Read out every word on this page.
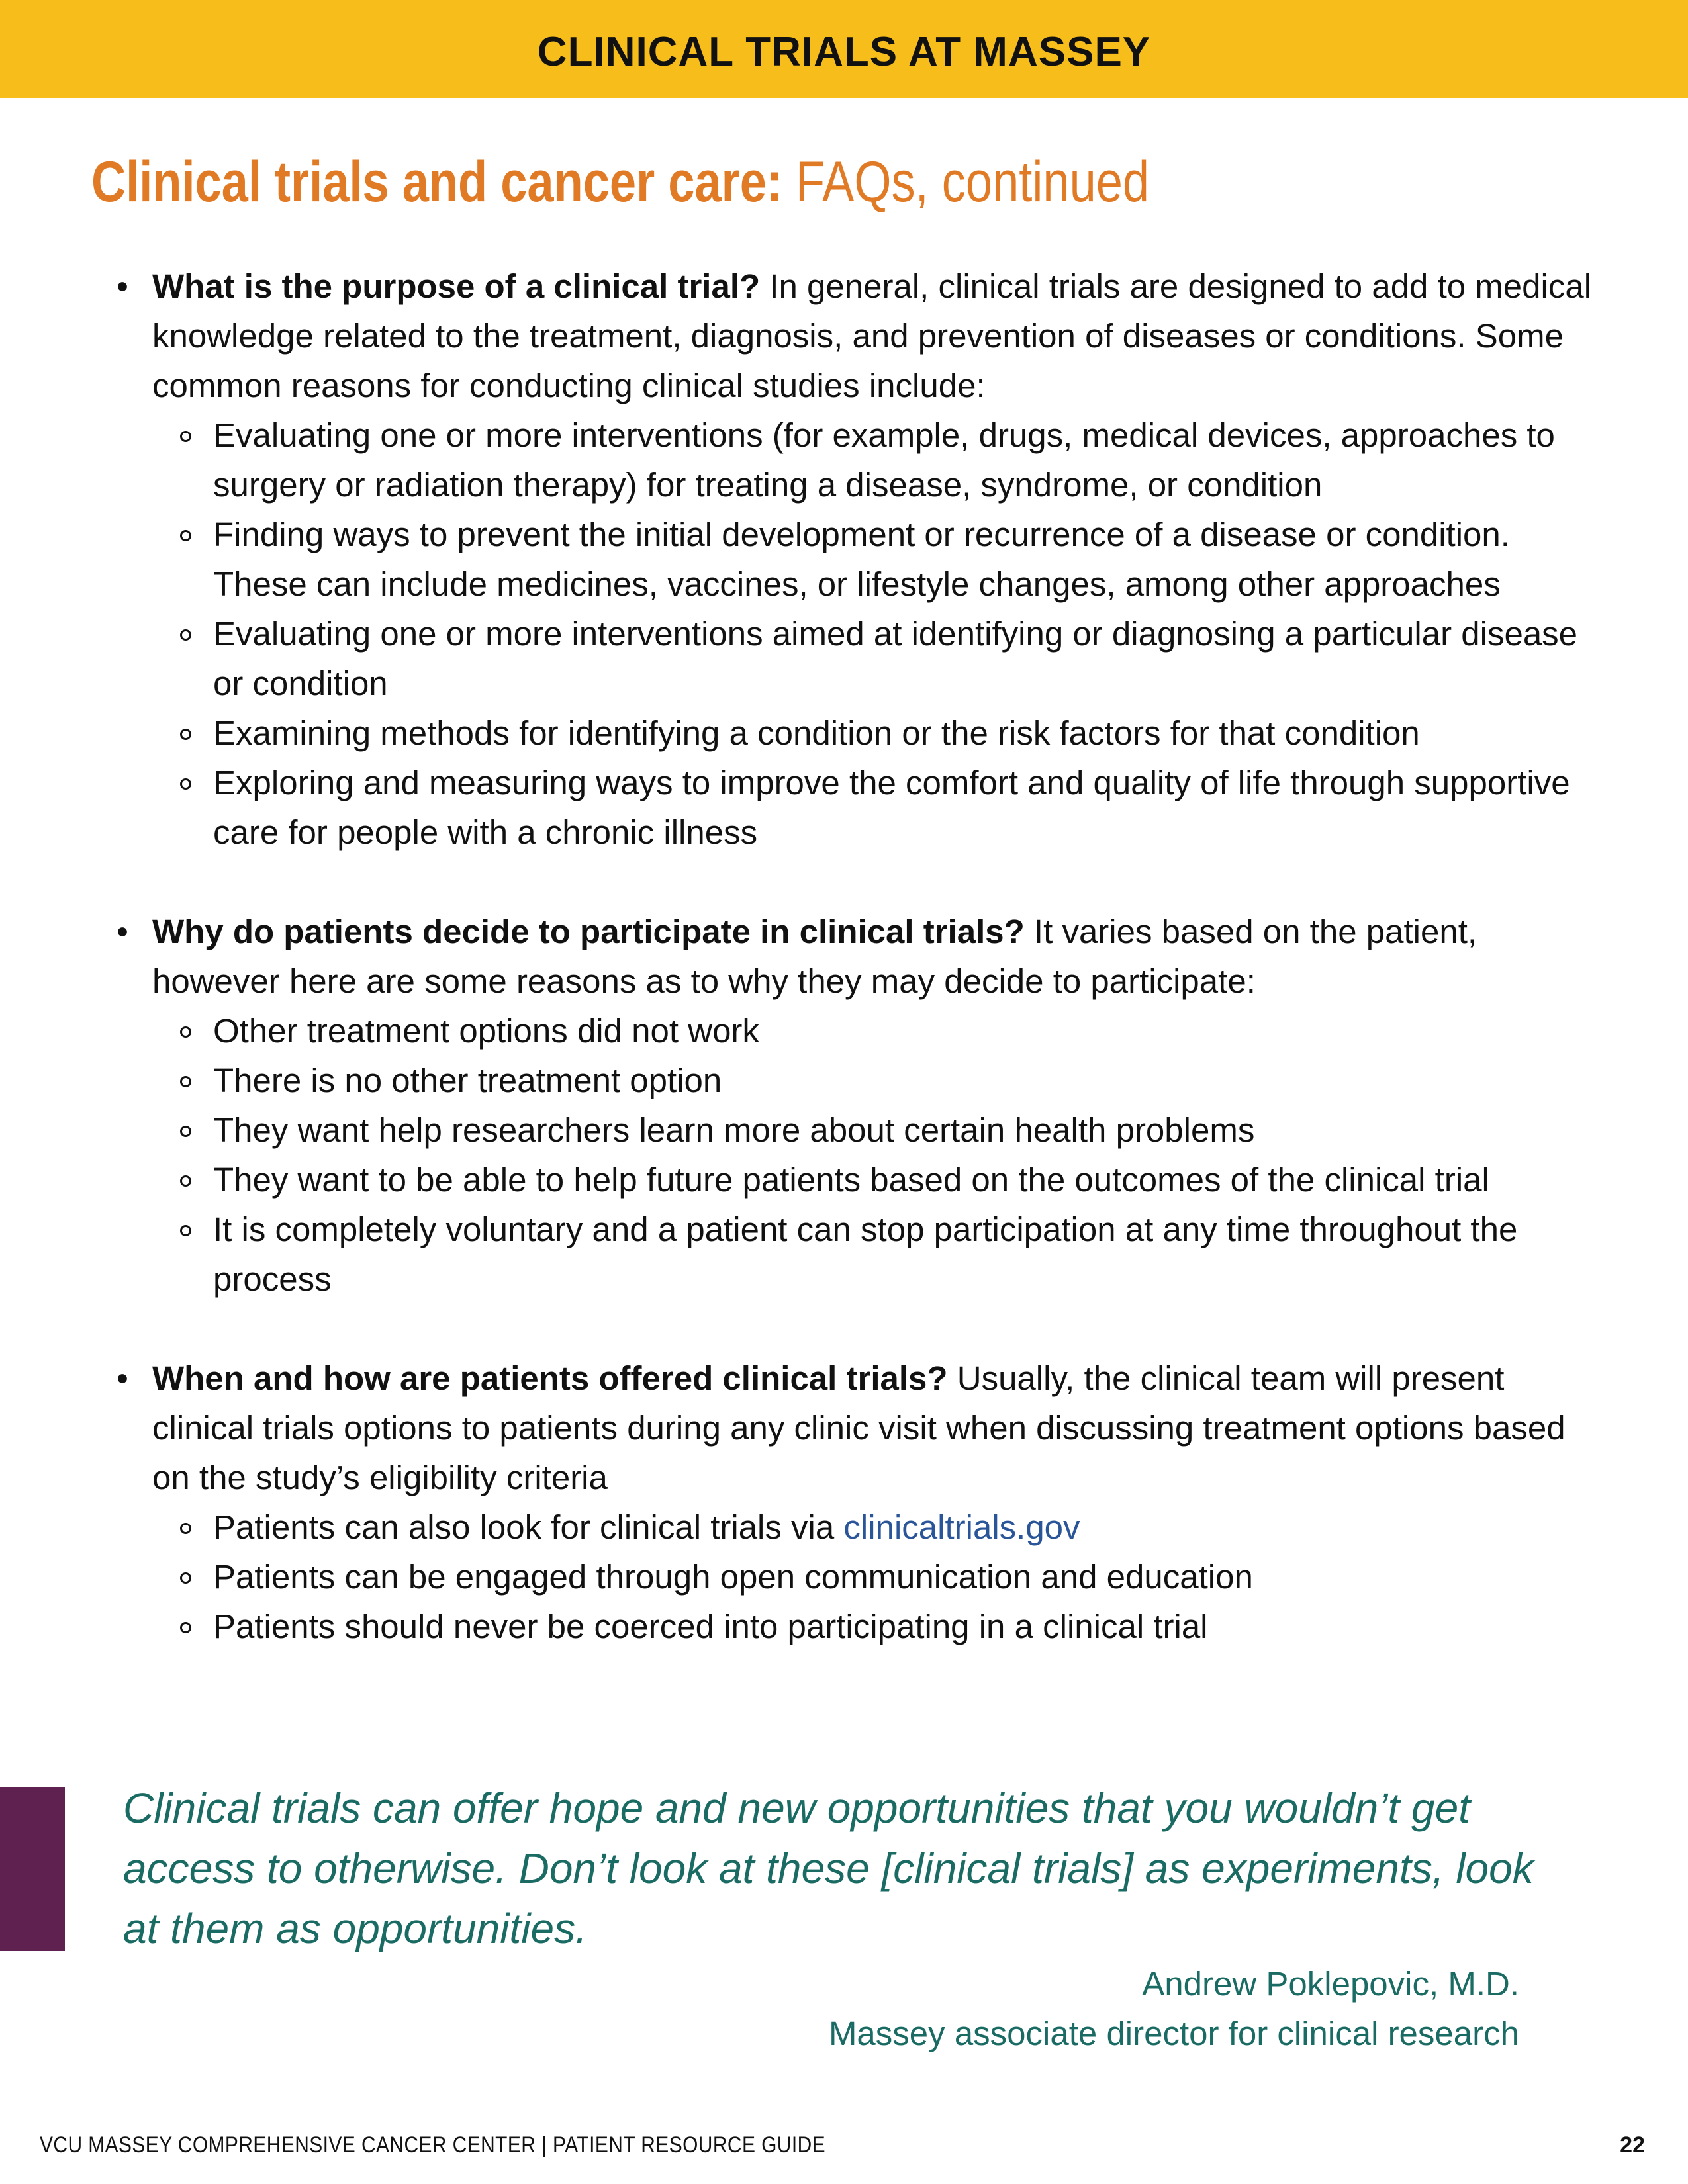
CLINICAL TRIALS AT MASSEY
Clinical trials and cancer care: FAQs, continued
• What is the purpose of a clinical trial? In general, clinical trials are designed to add to medical knowledge related to the treatment, diagnosis, and prevention of diseases or conditions. Some common reasons for conducting clinical studies include:
Evaluating one or more interventions (for example, drugs, medical devices, approaches to surgery or radiation therapy) for treating a disease, syndrome, or condition
Finding ways to prevent the initial development or recurrence of a disease or condition. These can include medicines, vaccines, or lifestyle changes, among other approaches
Evaluating one or more interventions aimed at identifying or diagnosing a particular disease or condition
Examining methods for identifying a condition or the risk factors for that condition
Exploring and measuring ways to improve the comfort and quality of life through supportive care for people with a chronic illness
• Why do patients decide to participate in clinical trials? It varies based on the patient, however here are some reasons as to why they may decide to participate:
Other treatment options did not work
There is no other treatment option
They want help researchers learn more about certain health problems
They want to be able to help future patients based on the outcomes of the clinical trial
It is completely voluntary and a patient can stop participation at any time throughout the process
• When and how are patients offered clinical trials? Usually, the clinical team will present clinical trials options to patients during any clinic visit when discussing treatment options based on the study’s eligibility criteria
Patients can also look for clinical trials via clinicaltrials.gov
Patients can be engaged through open communication and education
Patients should never be coerced into participating in a clinical trial
Clinical trials can offer hope and new opportunities that you wouldn’t get access to otherwise. Don’t look at these [clinical trials] as experiments, look at them as opportunities.
Andrew Poklepovic, M.D.
Massey associate director for clinical research
VCU MASSEY COMPREHENSIVE CANCER CENTER | PATIENT RESOURCE GUIDE	22
